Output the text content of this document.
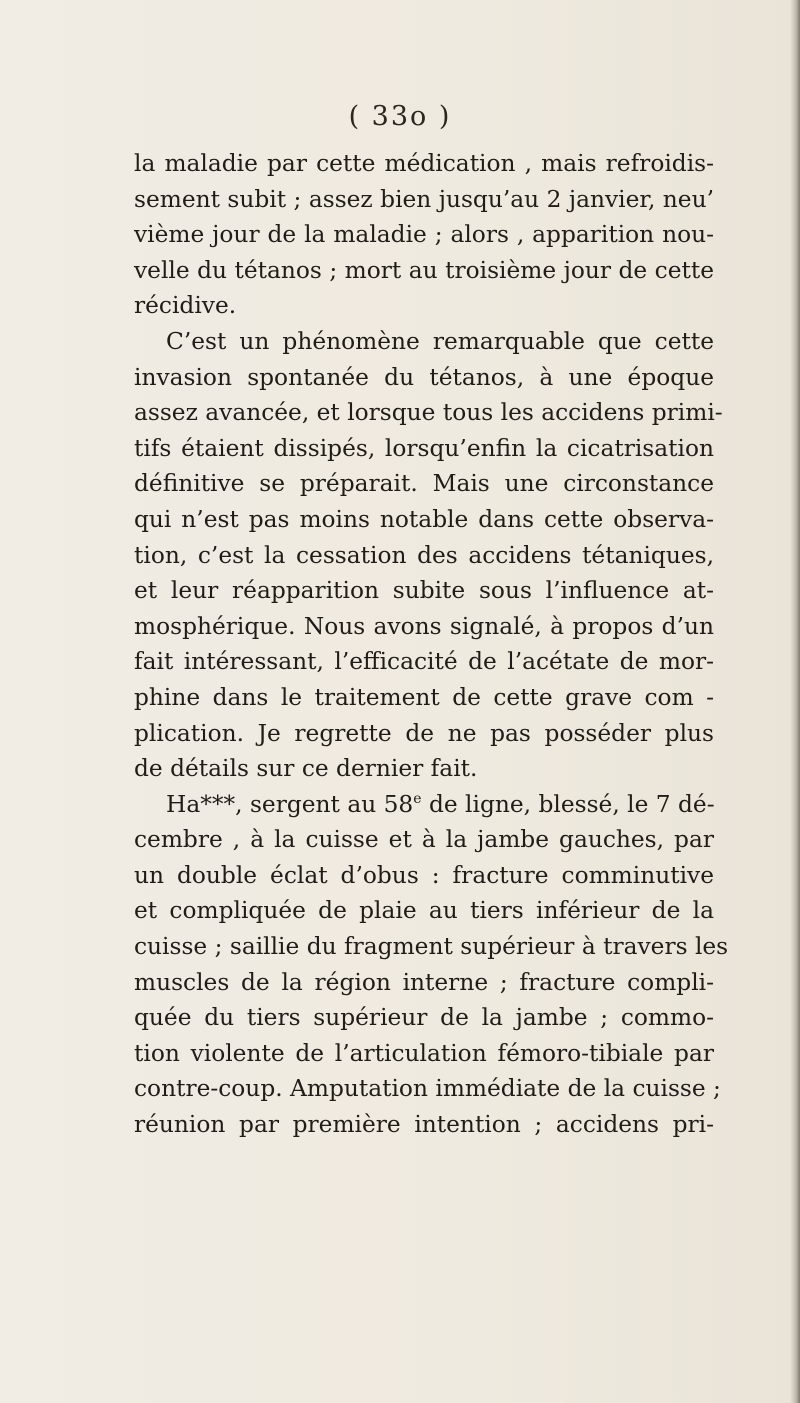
( 33o )

la maladie par cette médication , mais refroidis-
sement subit ; assez bien jusqu’au 2 janvier, neu’
vième jour de la maladie ; alors , apparition nou-
velle du tétanos ; mort au troisième jour de cette
récidive.
C’est un phénomène remarquable que cette
invasion spontanée du tétanos, à une époque
assez avancée, et lorsque tous les accidens primi-
tifs étaient dissipés, lorsqu’enfin la cicatrisation
définitive se préparait. Mais une circonstance
qui n’est pas moins notable dans cette observa-
tion, c’est la cessation des accidens tétaniques,
et leur réapparition subite sous l’influence at-
mosphérique. Nous avons signalé, à propos d’un
fait intéressant, l’efficacité de l’acétate de mor-
phine dans le traitement de cette grave com -
plication. Je regrette de ne pas posséder plus
de détails sur ce dernier fait.
Ha***, sergent au 58e de ligne, blessé, le 7 dé-
cembre , à la cuisse et à la jambe gauches, par
un double éclat d’obus : fracture comminutive
et compliquée de plaie au tiers inférieur de la
cuisse ; saillie du fragment supérieur à travers les
muscles de la région interne ; fracture compli-
quée du tiers supérieur de la jambe ; commo-
tion violente de l’articulation fémoro-tibiale par
contre-coup. Amputation immédiate de la cuisse ;
réunion par première intention ; accidens pri-
